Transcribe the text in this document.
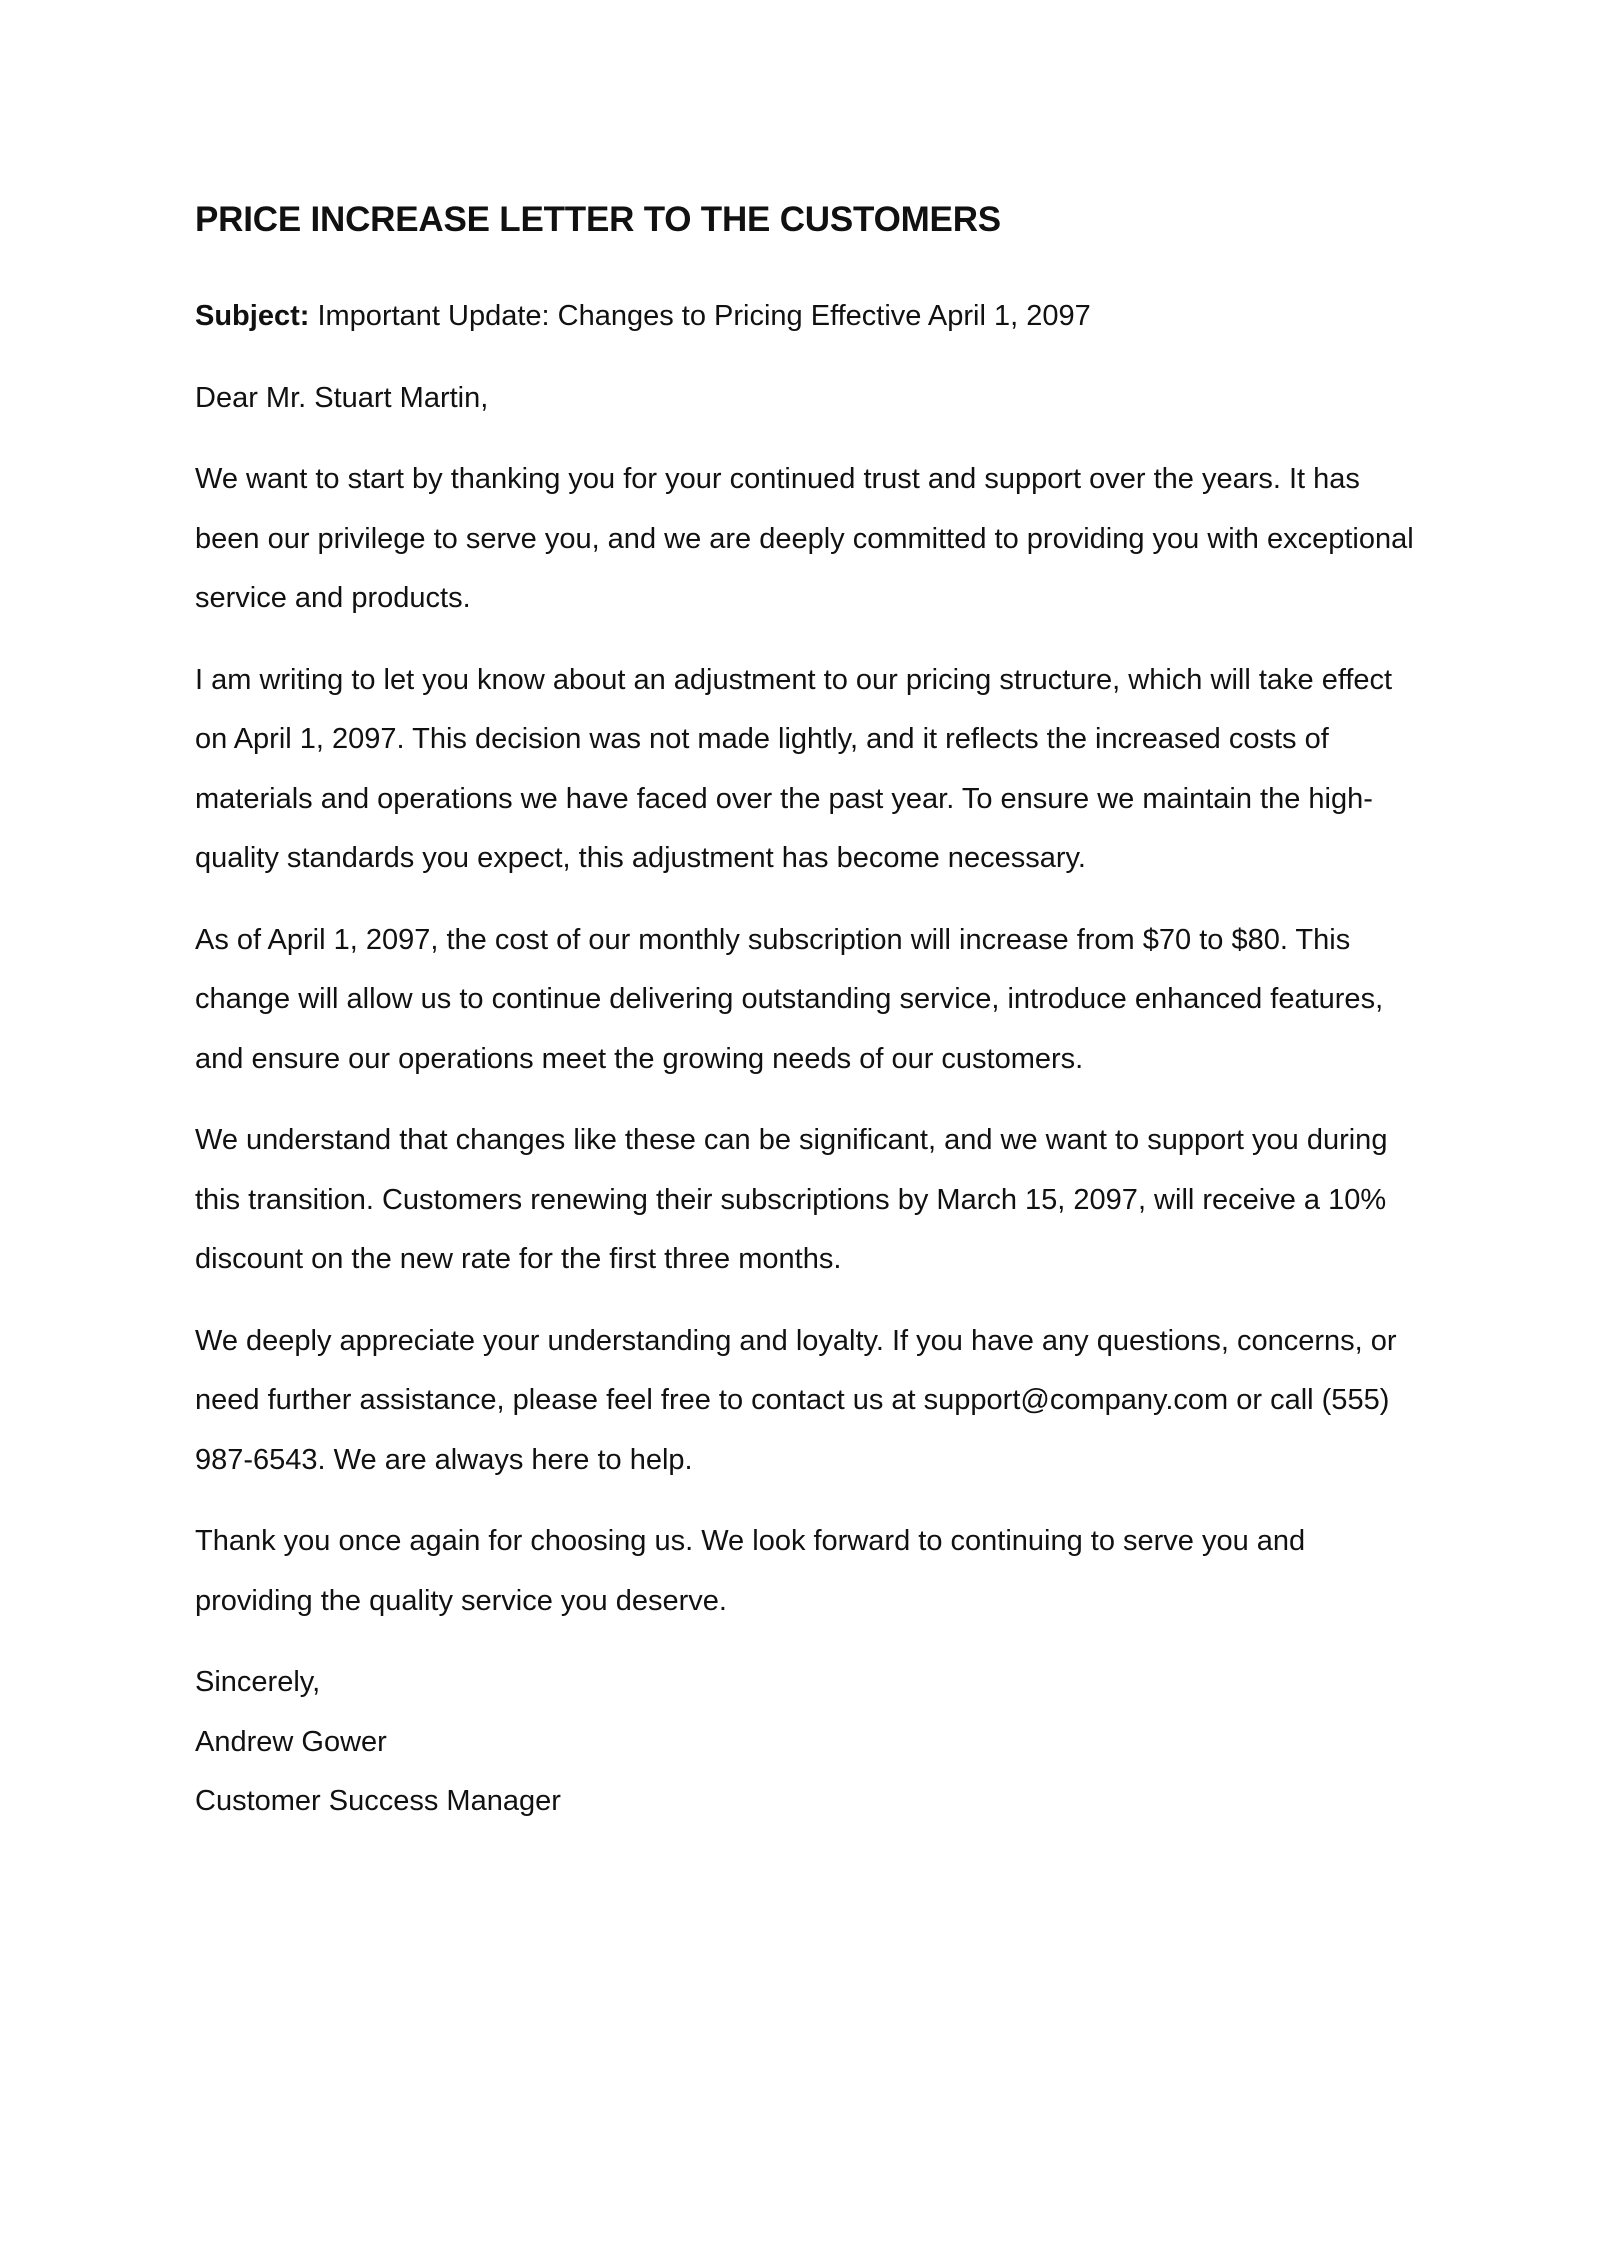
PRICE INCREASE LETTER TO THE CUSTOMERS

Subject: Important Update: Changes to Pricing Effective April 1, 2097

Dear Mr. Stuart Martin,

We want to start by thanking you for your continued trust and support over the years. It has been our privilege to serve you, and we are deeply committed to providing you with exceptional service and products.

I am writing to let you know about an adjustment to our pricing structure, which will take effect on April 1, 2097. This decision was not made lightly, and it reflects the increased costs of materials and operations we have faced over the past year. To ensure we maintain the high-quality standards you expect, this adjustment has become necessary.

As of April 1, 2097, the cost of our monthly subscription will increase from $70 to $80. This change will allow us to continue delivering outstanding service, introduce enhanced features, and ensure our operations meet the growing needs of our customers.

We understand that changes like these can be significant, and we want to support you during this transition. Customers renewing their subscriptions by March 15, 2097, will receive a 10% discount on the new rate for the first three months.

We deeply appreciate your understanding and loyalty. If you have any questions, concerns, or need further assistance, please feel free to contact us at support@company.com or call (555) 987-6543. We are always here to help.

Thank you once again for choosing us. We look forward to continuing to serve you and providing the quality service you deserve.

Sincerely,

Andrew Gower

Customer Success Manager
